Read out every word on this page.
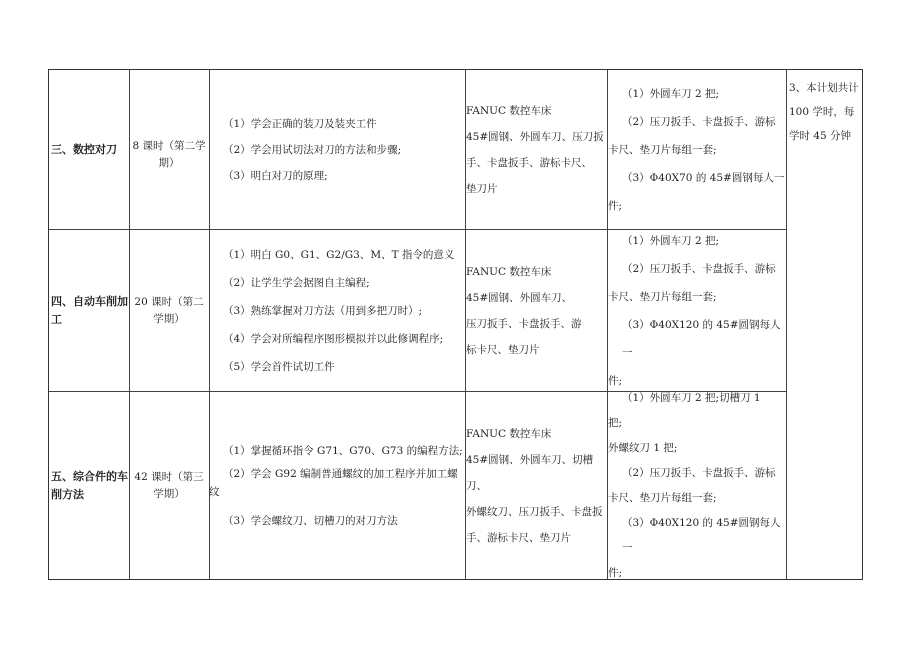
三、数控对刀	8 课时（第二学期）
（1）学会正确的装刀及装夹工件
（2）学会用试切法对刀的方法和步骤;
（3）明白对刀的原理;
FANUC 数控车床
45#圆钢、外圆车刀、压刀扳
手、卡盘扳手、游标卡尺、
垫刀片
（1）外圆车刀 2 把;
（2）压刀扳手、卡盘扳手、游标
卡尺、垫刀片每组一套;
（3）Φ40X70 的 45#圆钢每人一
件;
四、自动车削加工
20 课时（第二学期）
（1）明白 G0、G1、G2/G3、M、T 指令的意义
（2）让学生学会据图自主编程;
（3）熟练掌握对刀方法（用到多把刀时）;
（4）学会对所编程序图形模拟并以此修调程序;
（5）学会首件试切工件
FANUC 数控车床
45#圆钢、外圆车刀、
压刀扳手、卡盘扳手、游
标卡尺、垫刀片
（1）外圆车刀 2 把;
（2）压刀扳手、卡盘扳手、游标
卡尺、垫刀片每组一套;
（3）Φ40X120 的 45#圆钢每人一
件;
五、综合件的车削方法
42 课时（第三学期）
（1）掌握循环指令 G71、G70、G73 的编程方法;
（2）学会 G92 编制普通螺纹的加工程序并加工螺纹
（3）学会螺纹刀、切槽刀的对刀方法
FANUC 数控车床
45#圆钢、外圆车刀、切槽刀、
外螺纹刀、压刀扳手、卡盘扳
手、游标卡尺、垫刀片
（1）外圆车刀 2 把;切槽刀 1
把;
外螺纹刀 1 把;
（2）压刀扳手、卡盘扳手、游标
卡尺、垫刀片每组一套;
（3）Φ40X120 的 45#圆钢每人一
件;
3、本计划共计 100 学时，每学时 45 分钟
